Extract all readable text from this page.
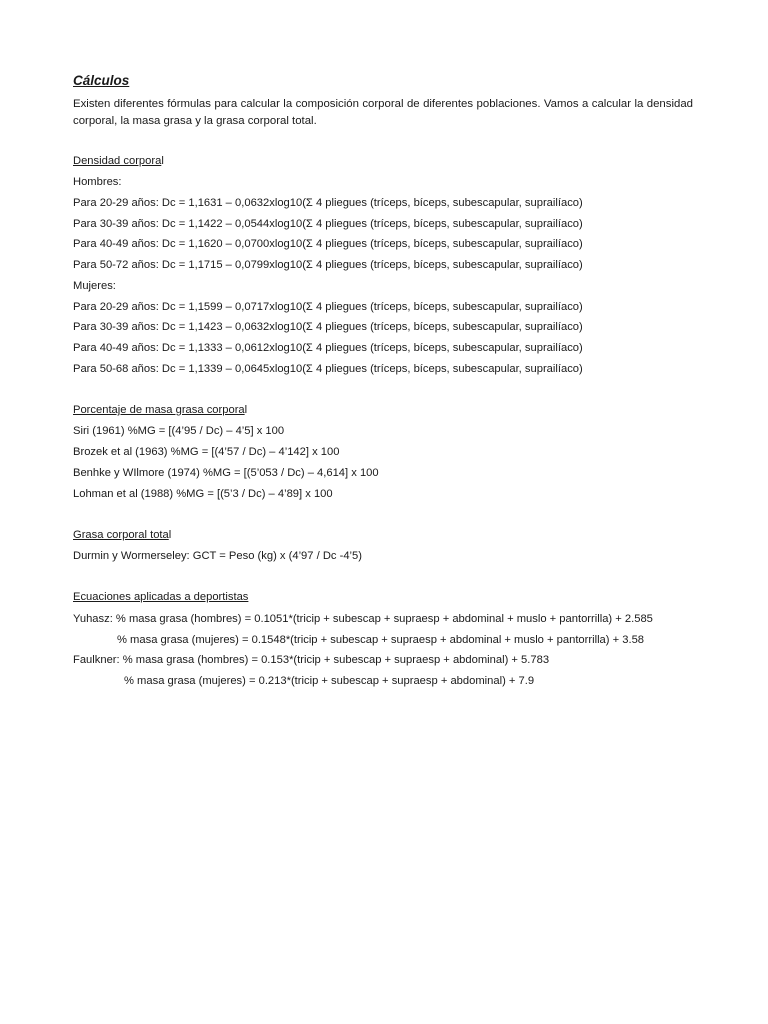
Cálculos
Existen diferentes fórmulas para calcular la composición corporal de diferentes poblaciones. Vamos a calcular la densidad corporal, la masa grasa y la grasa corporal total.
Densidad corporal
Hombres:
Para 20-29 años: Dc = 1,1631 – 0,0632xlog10(Σ 4 pliegues (tríceps, bíceps, subescapular, suprailíaco)
Para 30-39 años: Dc = 1,1422 – 0,0544xlog10(Σ 4 pliegues (tríceps, bíceps, subescapular, suprailíaco)
Para 40-49 años: Dc = 1,1620 – 0,0700xlog10(Σ 4 pliegues (tríceps, bíceps, subescapular, suprailíaco)
Para 50-72 años: Dc = 1,1715 – 0,0799xlog10(Σ 4 pliegues (tríceps, bíceps, subescapular, suprailíaco)
Mujeres:
Para 20-29 años: Dc = 1,1599 – 0,0717xlog10(Σ 4 pliegues (tríceps, bíceps, subescapular, suprailíaco)
Para 30-39 años: Dc = 1,1423 – 0,0632xlog10(Σ 4 pliegues (tríceps, bíceps, subescapular, suprailíaco)
Para 40-49 años: Dc = 1,1333 – 0,0612xlog10(Σ 4 pliegues (tríceps, bíceps, subescapular, suprailíaco)
Para 50-68 años: Dc = 1,1339 – 0,0645xlog10(Σ 4 pliegues (tríceps, bíceps, subescapular, suprailíaco)
Porcentaje de masa grasa corporal
Siri (1961) %MG = [(4’95 / Dc) – 4’5] x 100
Brozek et al (1963) %MG = [(4’57 / Dc) – 4’142] x 100
Benhke y WIlmore (1974) %MG = [(5’053 / Dc) – 4,614] x 100
Lohman et al (1988) %MG = [(5’3 / Dc) – 4’89] x 100
Grasa corporal total
Durmin y Wormerseley: GCT = Peso (kg) x (4’97 / Dc -4’5)
Ecuaciones aplicadas a deportistas
Yuhasz: % masa grasa (hombres) = 0.1051*(tricip + subescap + supraesp + abdominal + muslo + pantorrilla) + 2.585
% masa grasa (mujeres) = 0.1548*(tricip + subescap + supraesp + abdominal + muslo + pantorrilla) + 3.58
Faulkner: % masa grasa (hombres) = 0.153*(tricip + subescap + supraesp + abdominal) + 5.783
% masa grasa (mujeres) = 0.213*(tricip + subescap + supraesp + abdominal) + 7.9
